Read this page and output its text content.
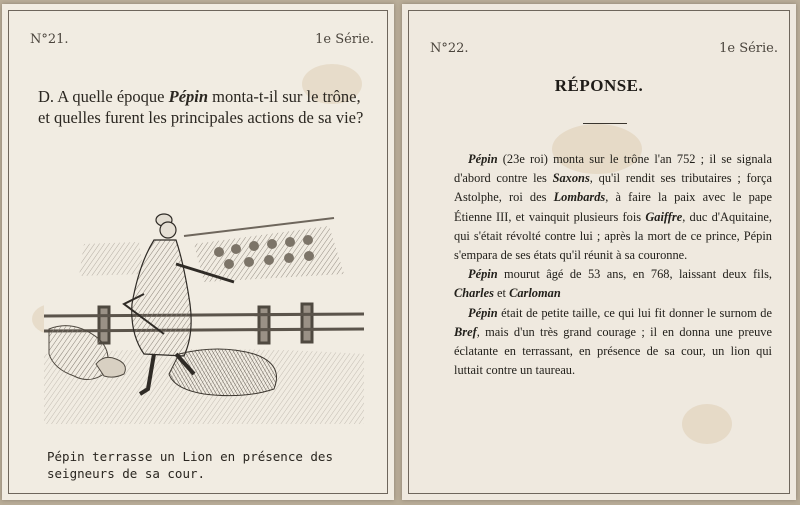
N°21.	1e Série.
D. A quelle époque Pépin monta-t-il sur le trône, et quelles furent les principales actions de sa vie?
Pépin terrasse un Lion en présence des seigneurs de sa cour.
N°22.	1e Série.
RÉPONSE.

Pépin (23e roi) monta sur le trône l'an 752 ; il se signala d'abord contre les Saxons, qu'il rendit ses tributaires ; força Astolphe, roi des Lombards, à faire la paix avec le pape Étienne III, et vainquit plusieurs fois Gaiffre, duc d'Aquitaine, qui s'était révolté contre lui ; après la mort de ce prince, Pépin s'empara de ses états qu'il réunit à sa couronne.

Pépin mourut âgé de 53 ans, en 768, laissant deux fils, Charles et Carloman

Pépin était de petite taille, ce qui lui fit donner le surnom de Bref, mais d'un très grand courage ; il en donna une preuve éclatante en terrassant, en présence de sa cour, un lion qui luttait contre un taureau.
